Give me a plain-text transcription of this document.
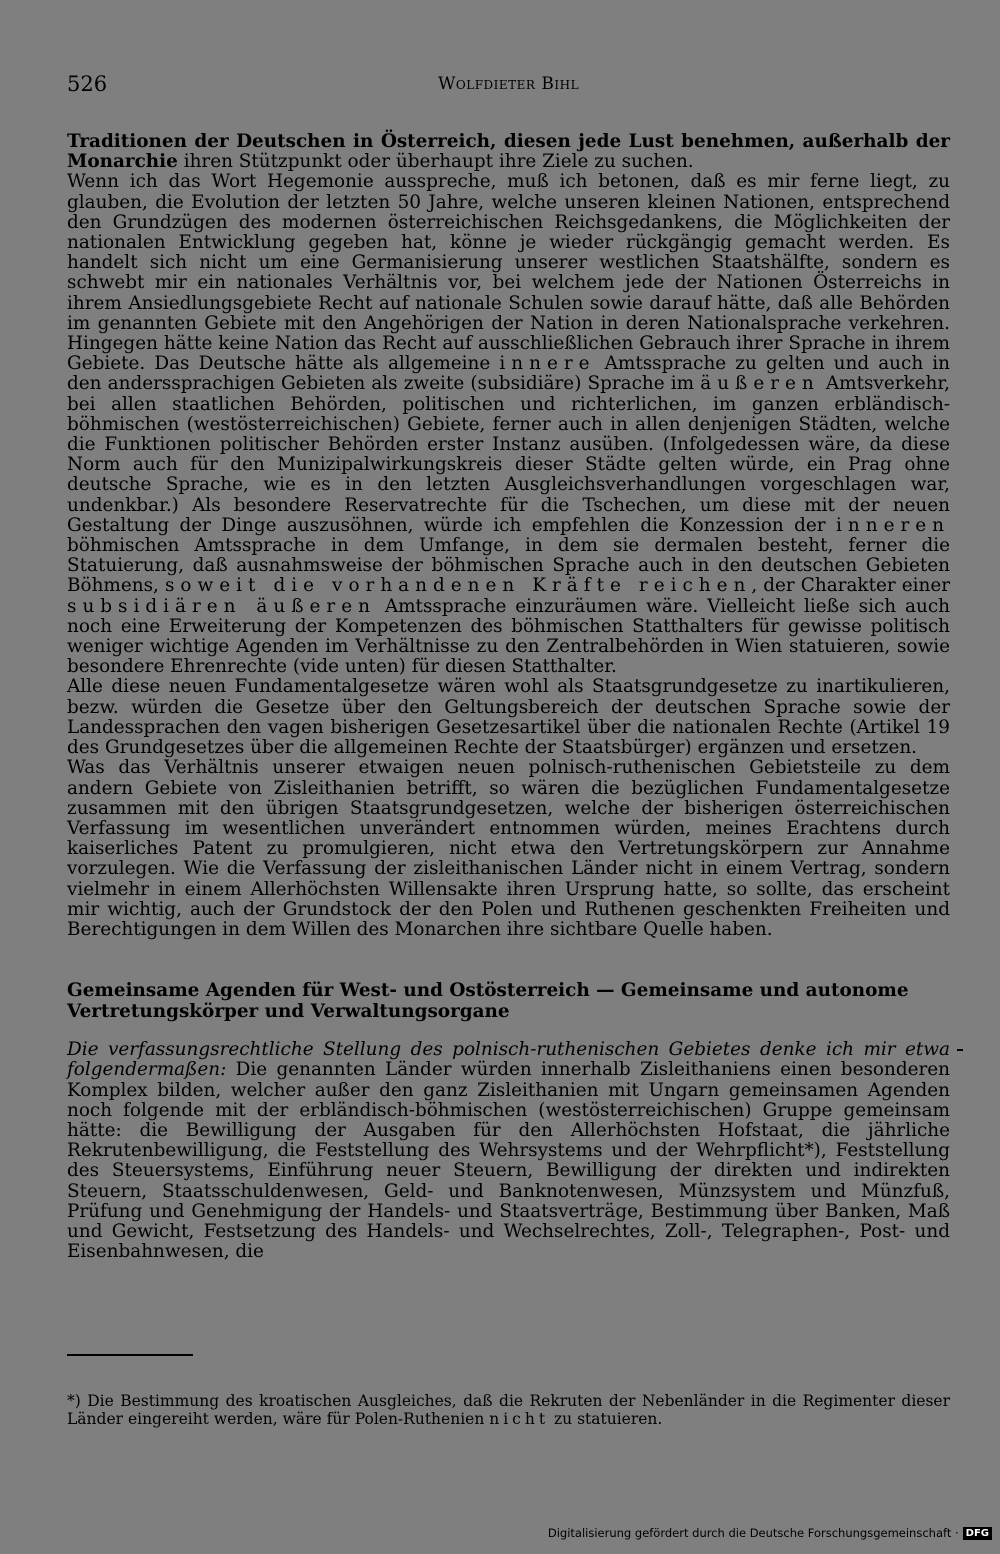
526	Wolfdieter Bihl

Traditionen der Deutschen in Österreich, diesen jede Lust benehmen, außerhalb der Monarchie ihren Stützpunkt oder überhaupt ihre Ziele zu suchen.

Wenn ich das Wort Hegemonie ausspreche, muß ich betonen, daß es mir ferne liegt, zu glauben, die Evolution der letzten 50 Jahre, welche unseren kleinen Nationen, entsprechend den Grundzügen des modernen österreichischen Reichsgedankens, die Möglichkeiten der nationalen Entwicklung gegeben hat, könne je wieder rückgängig gemacht werden. Es handelt sich nicht um eine Germanisierung unserer westlichen Staatshälfte, sondern es schwebt mir ein nationales Verhältnis vor, bei welchem jede der Nationen Österreichs in ihrem Ansiedlungsgebiete Recht auf nationale Schulen sowie darauf hätte, daß alle Behörden im genannten Gebiete mit den Angehörigen der Nation in deren Nationalsprache verkehren. Hingegen hätte keine Nation das Recht auf ausschließlichen Gebrauch ihrer Sprache in ihrem Gebiete. Das Deutsche hätte als allgemeine innere Amtssprache zu gelten und auch in den anderssprachigen Gebieten als zweite (subsidiäre) Sprache im äußeren Amtsverkehr, bei allen staatlichen Behörden, politischen und richterlichen, im ganzen erbländisch-böhmischen (westösterreichischen) Gebiete, ferner auch in allen denjenigen Städten, welche die Funktionen politischer Behörden erster Instanz ausüben. (Infolgedessen wäre, da diese Norm auch für den Munizipalwirkungskreis dieser Städte gelten würde, ein Prag ohne deutsche Sprache, wie es in den letzten Ausgleichsverhandlungen vorgeschlagen war, undenkbar.) Als besondere Reservatrechte für die Tschechen, um diese mit der neuen Gestaltung der Dinge auszusöhnen, würde ich empfehlen die Konzession der inneren böhmischen Amtssprache in dem Umfange, in dem sie dermalen besteht, ferner die Statuierung, daß ausnahmsweise der böhmischen Sprache auch in den deutschen Gebieten Böhmens, soweit die vorhandenen Kräfte reichen, der Charakter einer subsidiären äußeren Amtssprache einzuräumen wäre. Vielleicht ließe sich auch noch eine Erweiterung der Kompetenzen des böhmischen Statthalters für gewisse politisch weniger wichtige Agenden im Verhältnisse zu den Zentralbehörden in Wien statuieren, sowie besondere Ehrenrechte (vide unten) für diesen Statthalter.

Alle diese neuen Fundamentalgesetze wären wohl als Staatsgrundgesetze zu inartikulieren, bezw. würden die Gesetze über den Geltungsbereich der deutschen Sprache sowie der Landessprachen den vagen bisherigen Gesetzesartikel über die nationalen Rechte (Artikel 19 des Grundgesetzes über die allgemeinen Rechte der Staatsbürger) ergänzen und ersetzen.

Was das Verhältnis unserer etwaigen neuen polnisch-ruthenischen Gebietsteile zu dem andern Gebiete von Zisleithanien betrifft, so wären die bezüglichen Fundamentalgesetze zusammen mit den übrigen Staatsgrundgesetzen, welche der bisherigen österreichischen Verfassung im wesentlichen unverändert entnommen würden, meines Erachtens durch kaiserliches Patent zu promulgieren, nicht etwa den Vertretungskörpern zur Annahme vorzulegen. Wie die Verfassung der zisleithanischen Länder nicht in einem Vertrag, sondern vielmehr in einem Allerhöchsten Willensakte ihren Ursprung hatte, so sollte, das erscheint mir wichtig, auch der Grundstock der den Polen und Ruthenen geschenkten Freiheiten und Berechtigungen in dem Willen des Monarchen ihre sichtbare Quelle haben.

Gemeinsame Agenden für West- und Ostösterreich — Gemeinsame und autonome Vertretungskörper und Verwaltungsorgane

Die verfassungsrechtliche Stellung des polnisch-ruthenischen Gebietes denke ich mir etwa folgendermaßen: Die genannten Länder würden innerhalb Zisleithaniens einen besonderen Komplex bilden, welcher außer den ganz Zisleithanien mit Ungarn gemeinsamen Agenden noch folgende mit der erbländisch-böhmischen (westösterreichischen) Gruppe gemeinsam hätte: die Bewilligung der Ausgaben für den Allerhöchsten Hofstaat, die jährliche Rekrutenbewilligung, die Feststellung des Wehrsystems und der Wehrpflicht*), Feststellung des Steuersystems, Einführung neuer Steuern, Bewilligung der direkten und indirekten Steuern, Staatsschuldenwesen, Geld- und Banknotenwesen, Münzsystem und Münzfuß, Prüfung und Genehmigung der Handels- und Staatsverträge, Bestimmung über Banken, Maß und Gewicht, Festsetzung des Handels- und Wechselrechtes, Zoll-, Telegraphen-, Post- und Eisenbahnwesen, die

*) Die Bestimmung des kroatischen Ausgleiches, daß die Rekruten der Nebenländer in die Regimenter dieser Länder eingereiht werden, wäre für Polen-Ruthenien nicht zu statuieren.
Digitalisierung gefördert durch die Deutsche Forschungsgemeinschaft · DFG
